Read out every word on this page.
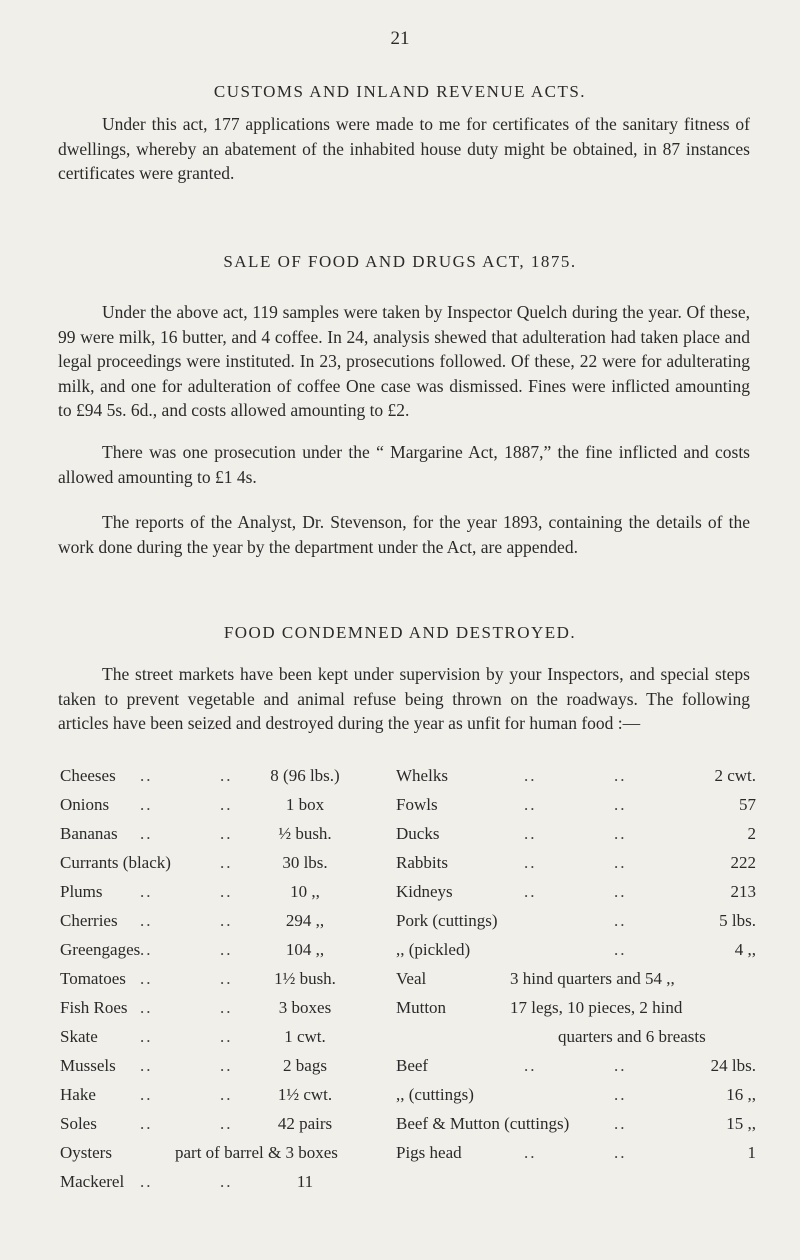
21
CUSTOMS AND INLAND REVENUE ACTS.

Under this act, 177 applications were made to me for certificates of the sanitary fitness of dwellings, whereby an abatement of the inhabited house duty might be obtained, in 87 instances certificates were granted.

SALE OF FOOD AND DRUGS ACT, 1875.

Under the above act, 119 samples were taken by Inspector Quelch during the year. Of these, 99 were milk, 16 butter, and 4 coffee. In 24, analysis shewed that adulteration had taken place and legal proceedings were instituted. In 23, prosecutions followed. Of these, 22 were for adulterating milk, and one for adulteration of coffee One case was dismissed. Fines were inflicted amounting to £94 5s. 6d., and costs allowed amounting to £2.

There was one prosecution under the “ Margarine Act, 1887,” the fine inflicted and costs allowed amounting to £1 4s.

The reports of the Analyst, Dr. Stevenson, for the year 1893, containing the details of the work done during the year by the department under the Act, are appended.

FOOD CONDEMNED AND DESTROYED.

The street markets have been kept under supervision by your Inspectors, and special steps taken to prevent vegetable and animal refuse being thrown on the roadways. The following articles have been seized and destroyed during the year as unfit for human food :—

Cheeses ..	..	8 (96 lbs.)
Onions ..	..	1 box
Bananas ..	..	½ bush.
Currants (black)	..	30 lbs.
Plums ..	..	10 ,,
Cherries ..	..	294 ,,
Greengages ..	..	104 ,,
Tomatoes ..	..	1½ bush.
Fish Roes ..	..	3 boxes
Skate ..	..	1 cwt.
Mussels ..	..	2 bags
Hake	..	..	1½ cwt.
Soles	..	..	42 pairs
Oysters	part of barrel & 3 boxes
Mackerel ..	..	11
Whelks	..	..	2 cwt.
Fowls	..	..	57
Ducks	..	..	2
Rabbits	..	..	222
Kidneys	..	..	213
Pork (cuttings)	..	5 lbs.
,, (pickled)	..	4 ,,
Veal	3 hind quarters and 54 ,,
Mutton	17 legs, 10 pieces, 2 hind
quarters and 6 breasts
Beef	..	..	24 lbs.
,, (cuttings)	..	16 ,,
Beef & Mutton (cuttings)	..	15 ,,
Pigs head	..	..	1
